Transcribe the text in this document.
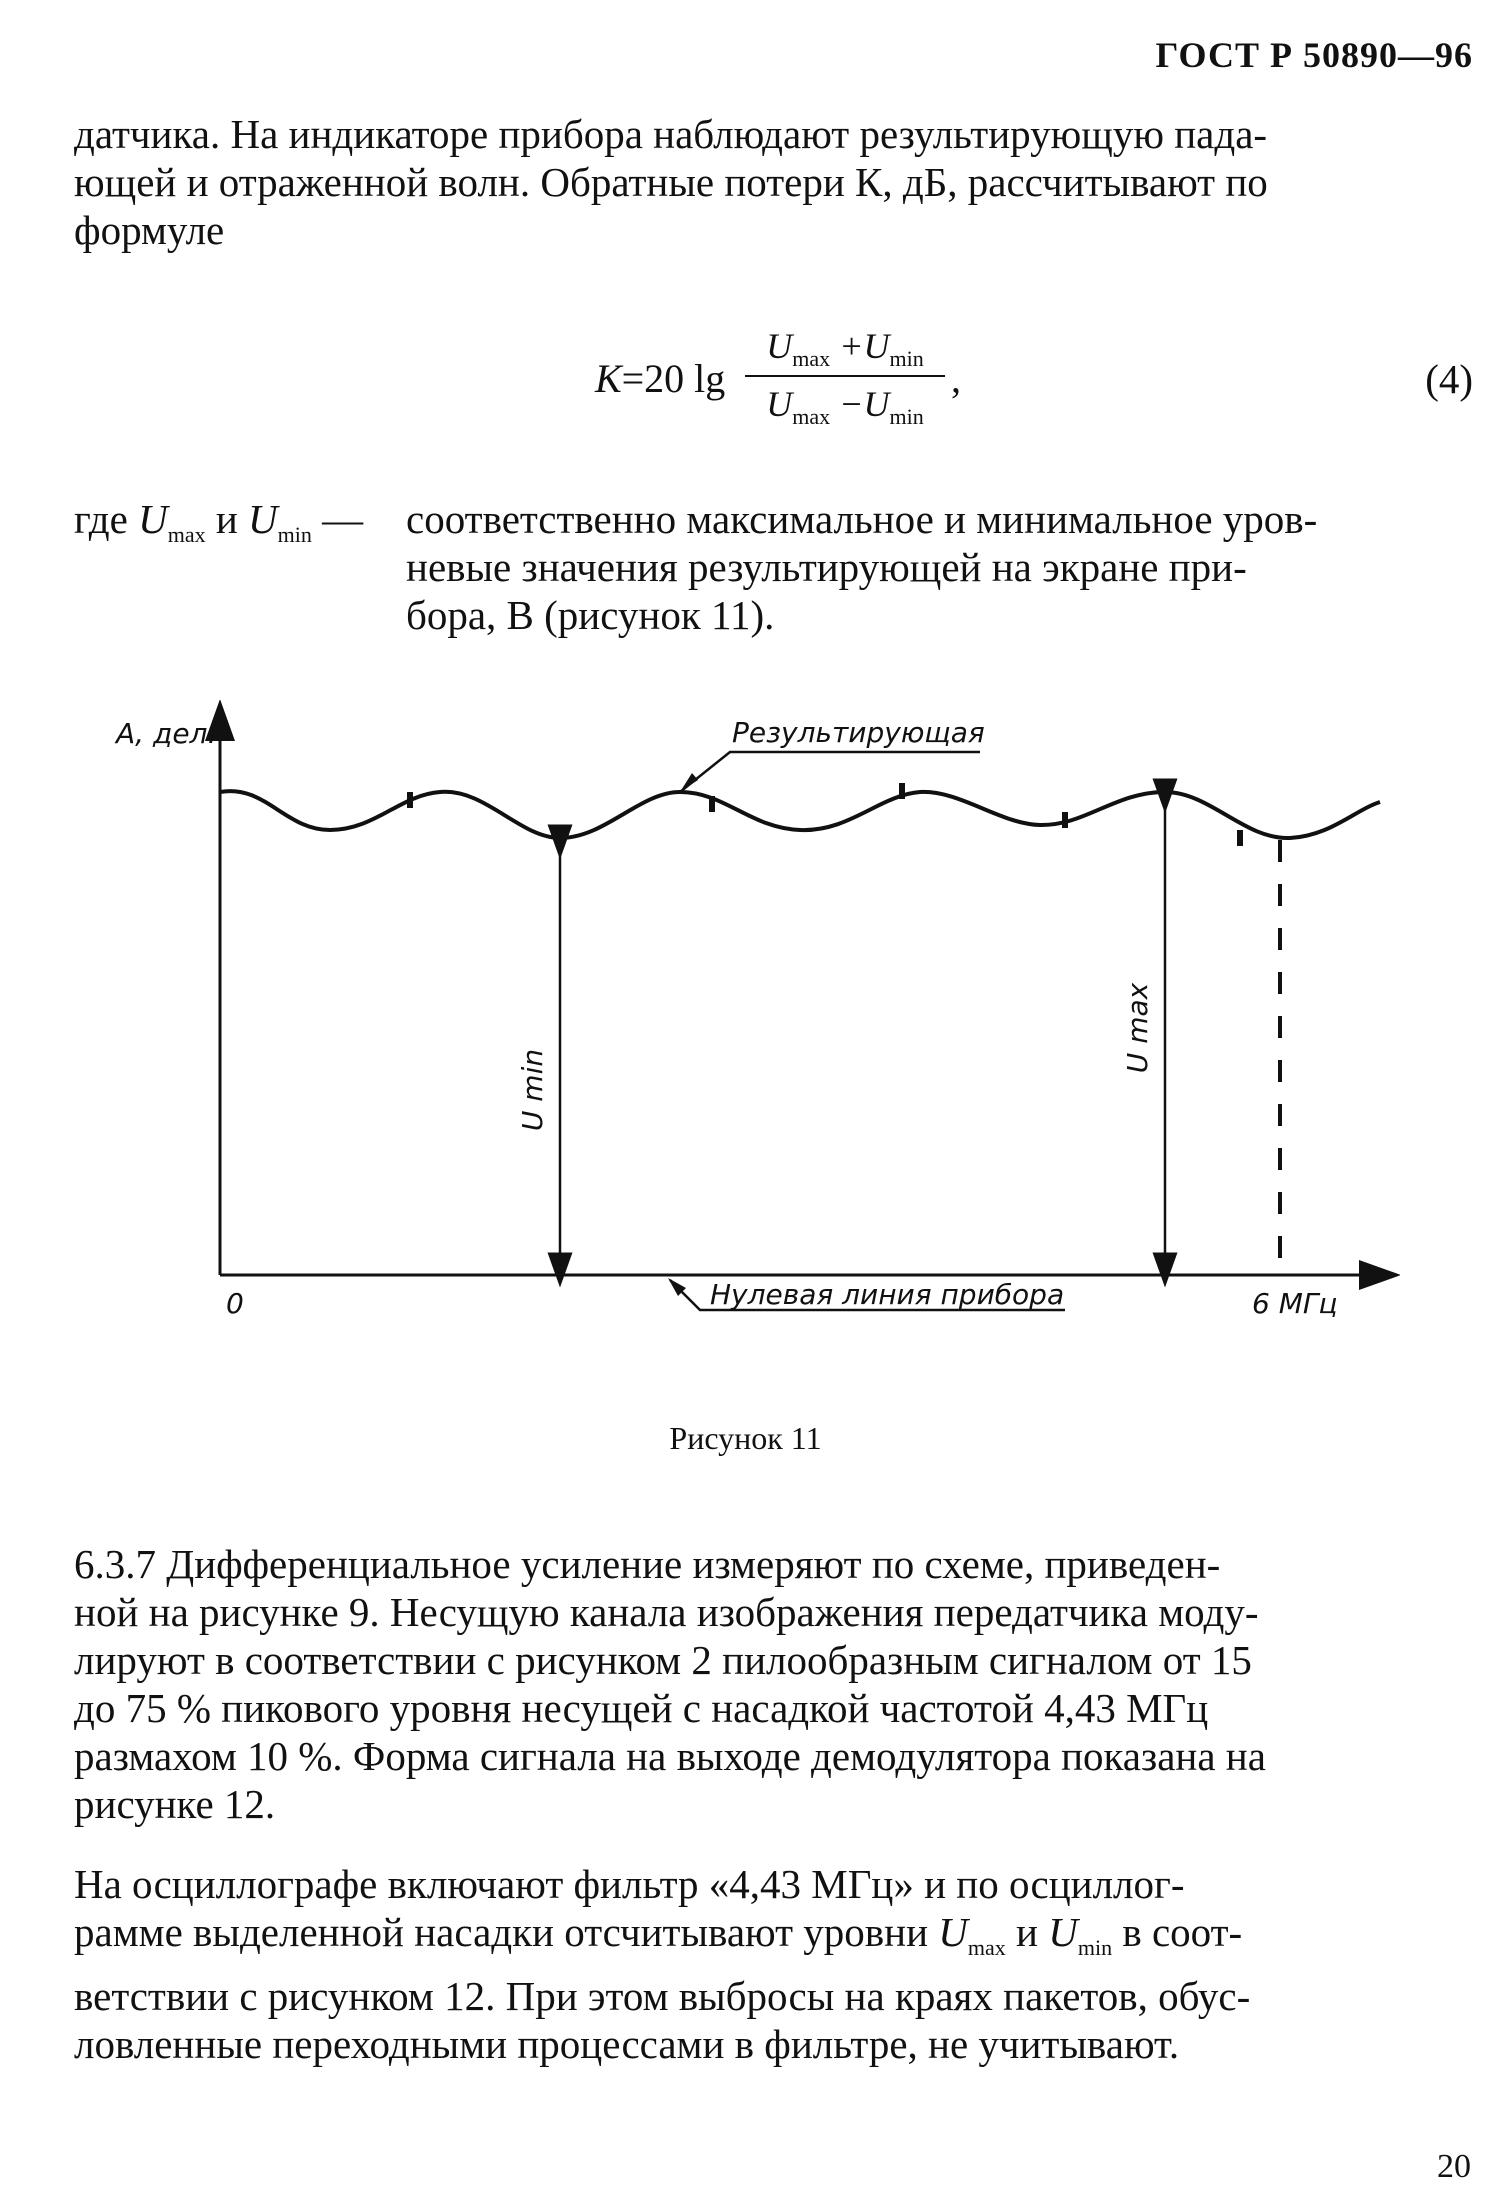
ГОСТ Р 50890—96
датчика. На индикаторе прибора наблюдают результирующую пада-
ющей и отраженной волн. Обратные потери К, дБ, рассчитывают по
формуле
К=20 lg
$U_{max} +U_{min}$
$U_{max} -U_{min}$
,	(4)
где $U_{max}$ и $U_{min}$ —	соответственно максимальное и минимальное уров-
невые значения результирующей на экране при-
бора, В (рисунок 11).
А, дел.	Результирующая
U min
U max
0	Нулевая линия прибора	6 МГц
Рисунок 11
6.3.7 Дифференциальное усиление измеряют по схеме, приведен-
ной на рисунке 9. Несущую канала изображения передатчика моду-
лируют в соответствии с рисунком 2 пилообразным сигналом от 15
до 75 % пикового уровня несущей с насадкой частотой 4,43 МГц
размахом 10 %. Форма сигнала на выходе демодулятора показана на
рисунке 12.
На осциллографе включают фильтр «4,43 МГц» и по осциллог-
рамме выделенной насадки отсчитывают уровни $U_{max}$ и $U_{min}$ в соот-
ветствии с рисунком 12. При этом выбросы на краях пакетов, обус-
ловленные переходными процессами в фильтре, не учитывают.
20
